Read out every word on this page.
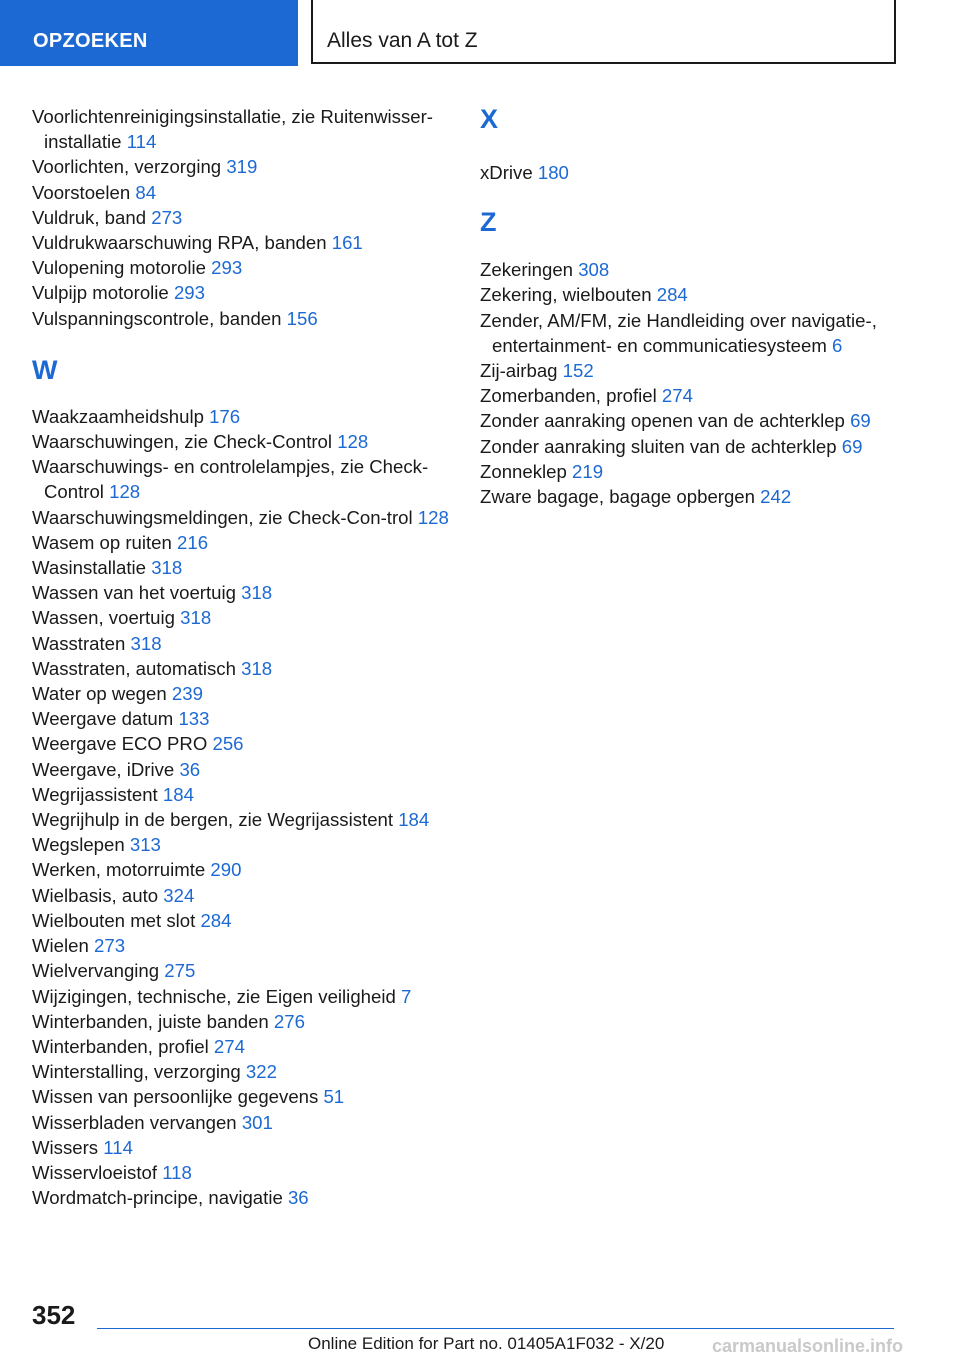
OPZOEKEN	Alles van A tot Z
Voorlichtenreinigingsinstallatie, zie Ruitenwisser-installatie 114
Voorlichten, verzorging 319
Voorstoelen 84
Vuldruk, band 273
Vuldrukwaarschuwing RPA, banden 161
Vulopening motorolie 293
Vulpijp motorolie 293
Vulspanningscontrole, banden 156
W
Waakzaamheidshulp 176
Waarschuwingen, zie Check-Control 128
Waarschuwings- en controlelampjes, zie Check-Control 128
Waarschuwingsmeldingen, zie Check-Con-trol 128
Wasem op ruiten 216
Wasinstallatie 318
Wassen van het voertuig 318
Wassen, voertuig 318
Wasstraten 318
Wasstraten, automatisch 318
Water op wegen 239
Weergave datum 133
Weergave ECO PRO 256
Weergave, iDrive 36
Wegrijassistent 184
Wegrijhulp in de bergen, zie Wegrijassistent 184
Wegslepen 313
Werken, motorruimte 290
Wielbasis, auto 324
Wielbouten met slot 284
Wielen 273
Wielvervanging 275
Wijzigingen, technische, zie Eigen veiligheid 7
Winterbanden, juiste banden 276
Winterbanden, profiel 274
Winterstalling, verzorging 322
Wissen van persoonlijke gegevens 51
Wisserbladen vervangen 301
Wissers 114
Wisservloeistof 118
Wordmatch-principe, navigatie 36
X
xDrive 180
Z
Zekeringen 308
Zekering, wielbouten 284
Zender, AM/FM, zie Handleiding over navigatie-, entertainment- en communicatiesysteem 6
Zij-airbag 152
Zomerbanden, profiel 274
Zonder aanraking openen van de achterklep 69
Zonder aanraking sluiten van de achterklep 69
Zonneklep 219
Zware bagage, bagage opbergen 242
352
Online Edition for Part no. 01405A1F032 - X/20	carmanualsonline.info
